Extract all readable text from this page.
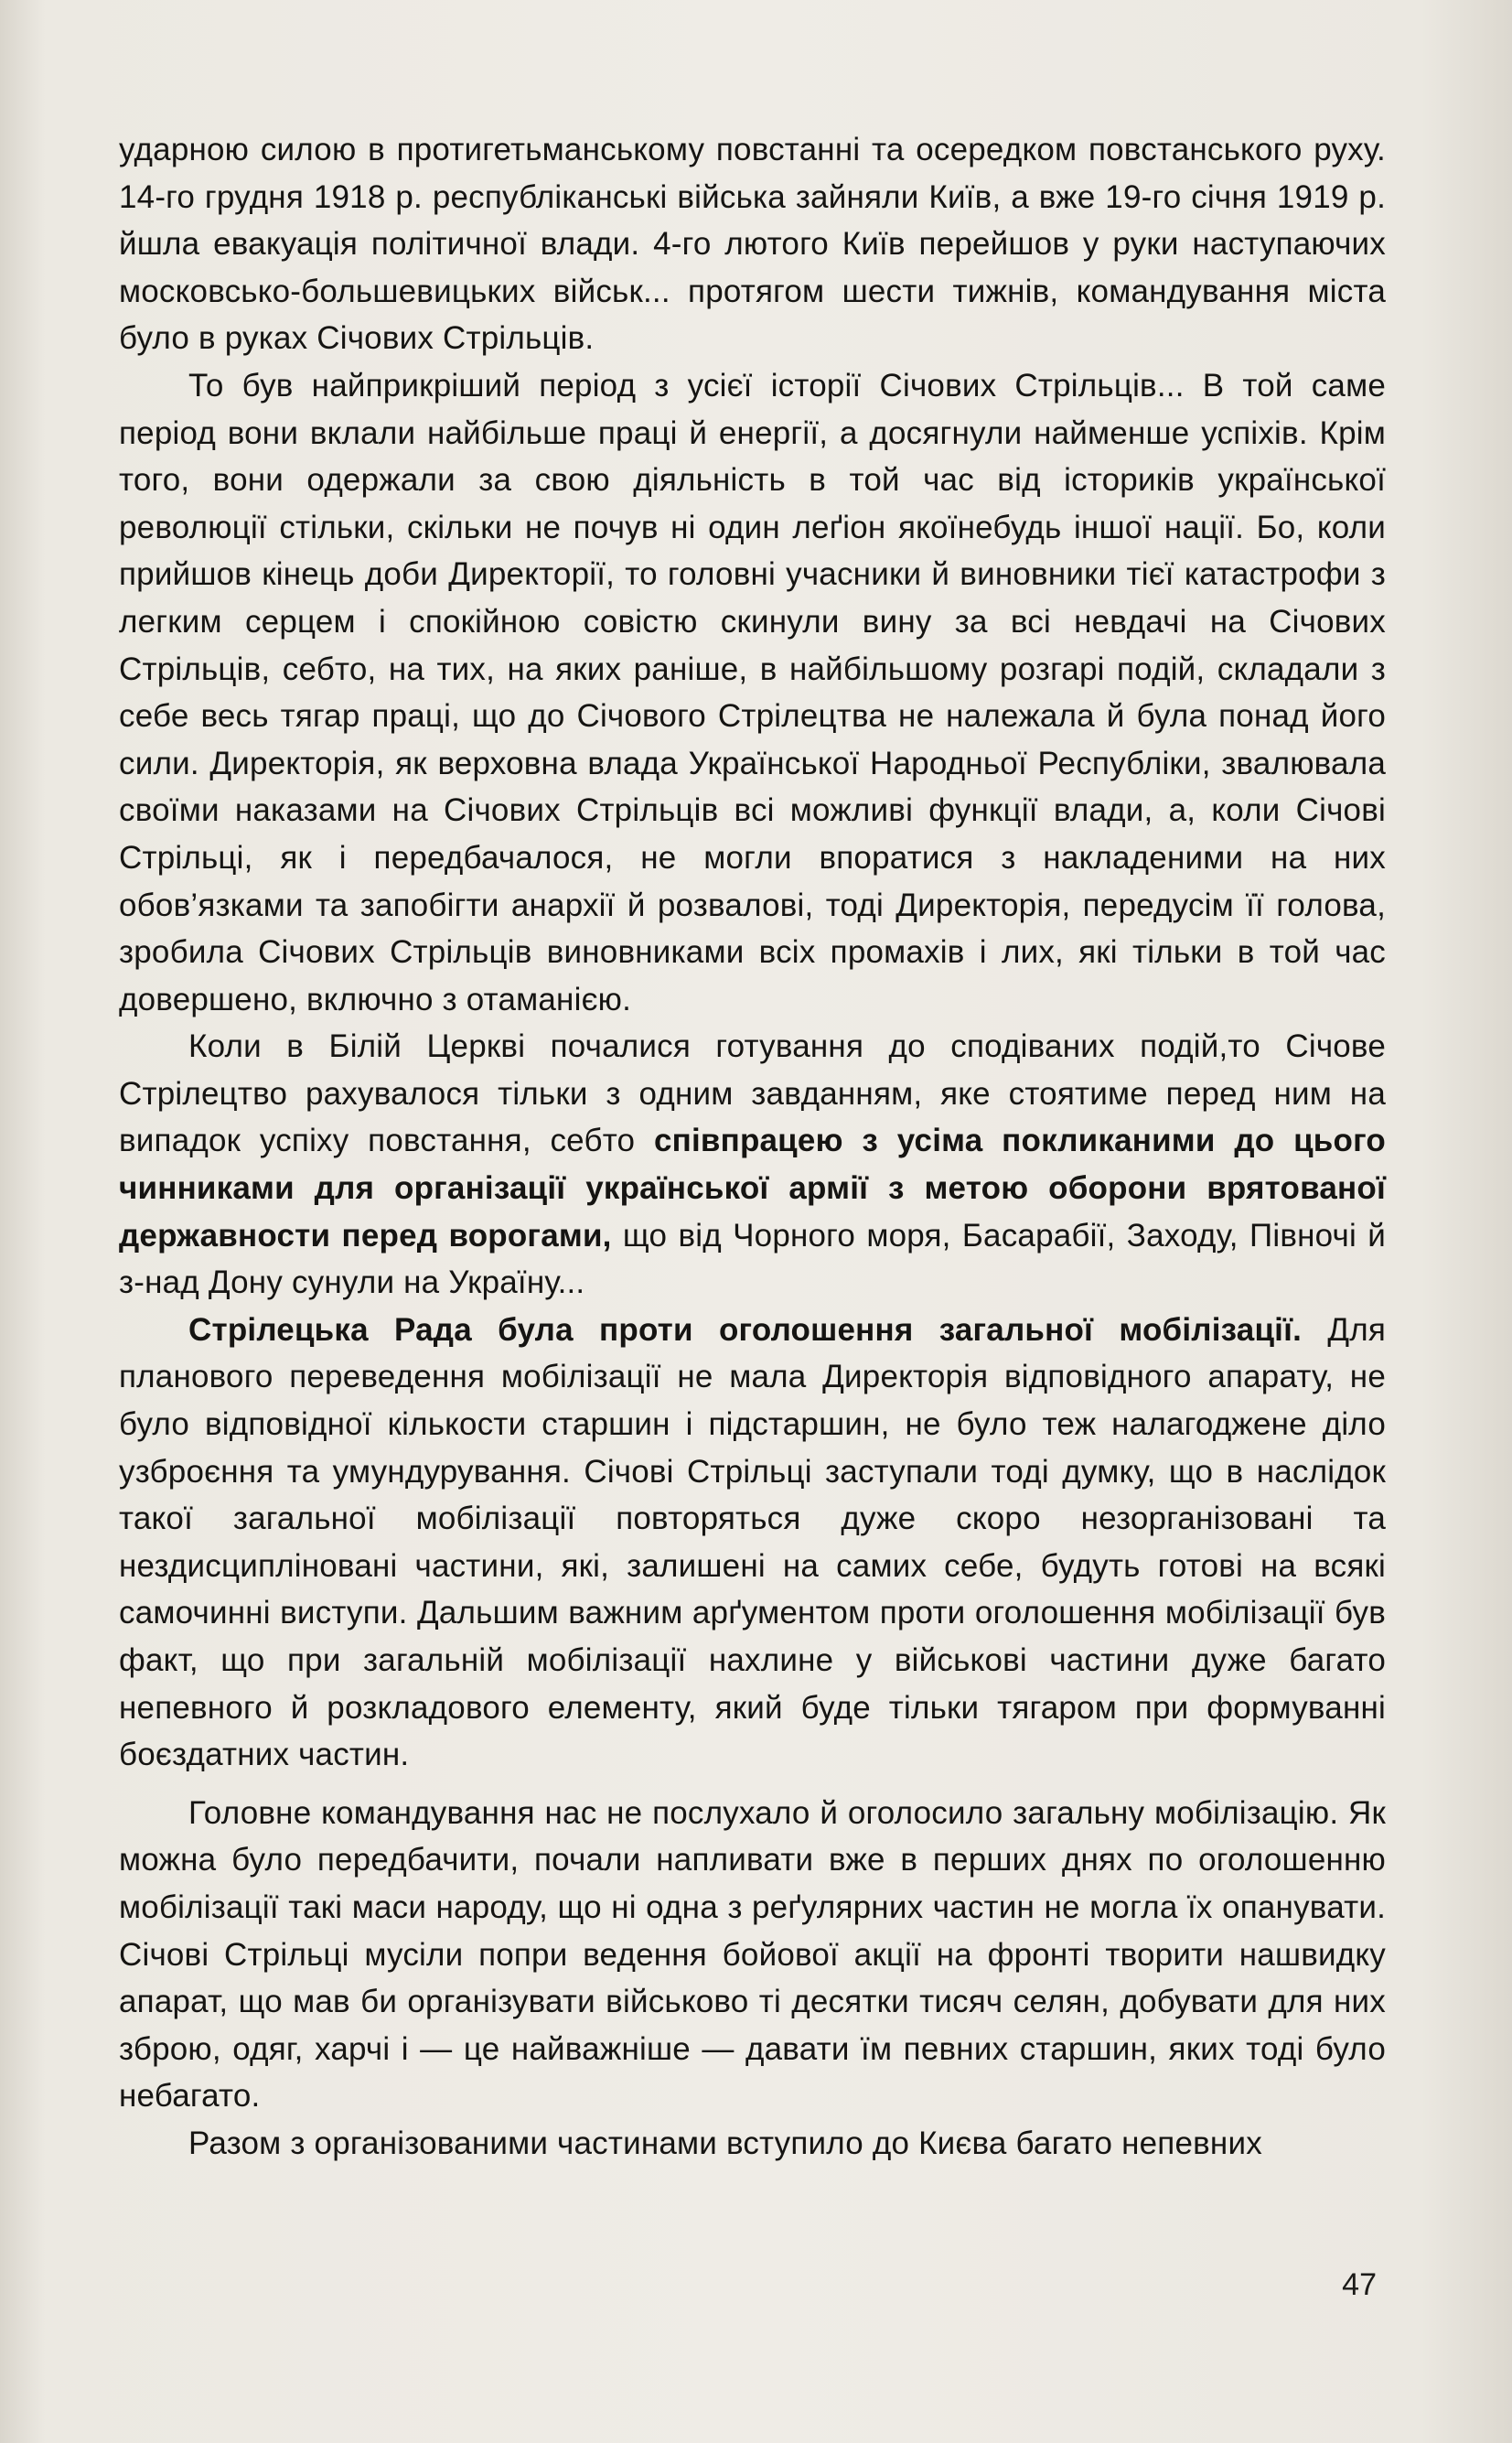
ударною силою в протигетьманському повстанні та осередком повстанського руху. 14-го грудня 1918 р. республіканські війська зайняли Київ, а вже 19-го січня 1919 р. йшла евакуація політичної влади. 4-го лютого Київ перейшов у руки наступаючих московсько-большевицьких військ... протягом шести тижнів, командування міста було в руках Січових Стрільців.

То був найприкріший період з усієї історії Січових Стрільців... В той саме період вони вклали найбільше праці й енергії, а досягнули найменше успіхів. Крім того, вони одержали за свою діяльність в той час від істориків української революції стільки, скільки не почув ні один леґіон якоїнебудь іншої нації. Бо, коли прийшов кінець доби Директорії, то головні учасники й виновники тієї катастрофи з легким серцем і спокійною совістю скинули вину за всі невдачі на Січових Стрільців, себто, на тих, на яких раніше, в найбільшому розгарі подій, складали з себе весь тягар праці, що до Січового Стрілецтва не належала й була понад його сили. Директорія, як верховна влада Української Народньої Республіки, звалювала своїми наказами на Січових Стрільців всі можливі функції влади, а, коли Січові Стрільці, як і передбачалося, не могли впоратися з накладеними на них обов’язками та запобігти анархії й розвалові, тоді Директорія, передусім її голова, зробила Січових Стрільців виновниками всіх промахів і лих, які тільки в той час довершено, включно з отаманією.

Коли в Білій Церкві почалися готування до сподіваних подій,то Січове Стрілецтво рахувалося тільки з одним завданням, яке стоятиме перед ним на випадок успіху повстання, себто співпрацею з усіма покликаними до цього чинниками для організації української армії з метою оборони врятованої державности перед ворогами, що від Чорного моря, Басарабії, Заходу, Півночі й з-над Дону сунули на Україну...

Стрілецька Рада була проти оголошення загальної мобілізації. Для планового переведення мобілізації не мала Директорія відповідного апарату, не було відповідної кількости старшин і підстаршин, не було теж налагоджене діло узброєння та умундурування. Січові Стрільці заступали тоді думку, що в наслідок такої загальної мобілізації повторяться дуже скоро незорганізовані та нездисципліновані частини, які, залишені на самих себе, будуть готові на всякі самочинні виступи. Дальшим важним арґументом проти оголошення мобілізації був факт, що при загальній мобілізації нахлине у військові частини дуже багато непевного й розкладового елементу, який буде тільки тягаром при формуванні боєздатних частин.

Головне командування нас не послухало й оголосило загальну мобілізацію. Як можна було передбачити, почали напливати вже в перших днях по оголошенню мобілізації такі маси народу, що ні одна з реґулярних частин не могла їх опанувати. Січові Стрільці мусіли попри ведення бойової акції на фронті творити нашвидку апарат, що мав би організувати військово ті десятки тисяч селян, добувати для них зброю, одяг, харчі і — це найважніше — давати їм певних старшин, яких тоді було небагато.

Разом з організованими частинами вступило до Києва багато непевних

47
